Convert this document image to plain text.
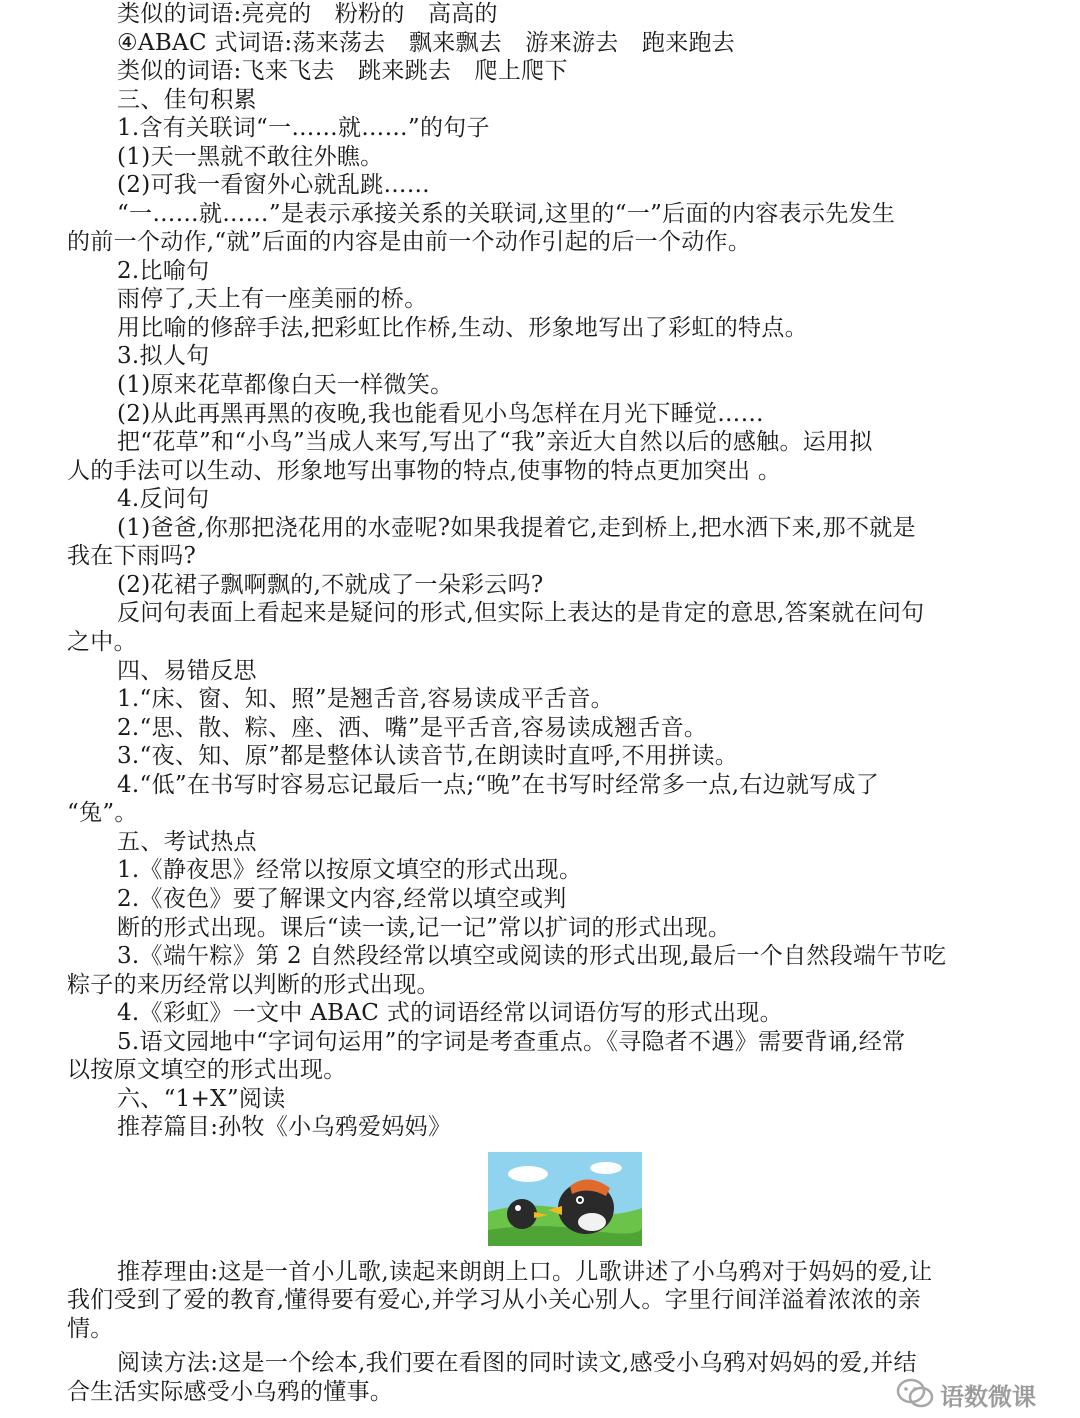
类似的词语:亮亮的　粉粉的　高高的
④ABAC 式词语:荡来荡去　飘来飘去　游来游去　跑来跑去
类似的词语:飞来飞去　跳来跳去　爬上爬下
三、佳句积累
1.含有关联词“一……就……”的句子
(1)天一黑就不敢往外瞧。
(2)可我一看窗外心就乱跳……
“一……就……”是表示承接关系的关联词,这里的“一”后面的内容表示先发生
的前一个动作,“就”后面的内容是由前一个动作引起的后一个动作。
2.比喻句
雨停了,天上有一座美丽的桥。
用比喻的修辞手法,把彩虹比作桥,生动、形象地写出了彩虹的特点。
3.拟人句
(1)原来花草都像白天一样微笑。
(2)从此再黑再黑的夜晚,我也能看见小鸟怎样在月光下睡觉……
把“花草”和“小鸟”当成人来写,写出了“我”亲近大自然以后的感触。运用拟
人的手法可以生动、形象地写出事物的特点,使事物的特点更加突出 。
4.反问句
(1)爸爸,你那把浇花用的水壶呢?如果我提着它,走到桥上,把水洒下来,那不就是
我在下雨吗?
(2)花裙子飘啊飘的,不就成了一朵彩云吗?
反问句表面上看起来是疑问的形式,但实际上表达的是肯定的意思,答案就在问句
之中。
四、易错反思
1.“床、窗、知、照”是翘舌音,容易读成平舌音。
2.“思、散、粽、座、洒、嘴”是平舌音,容易读成翘舌音。
3.“夜、知、原”都是整体认读音节,在朗读时直呼,不用拼读。
4.“低”在书写时容易忘记最后一点;“晚”在书写时经常多一点,右边就写成了
“兔”。
五、考试热点
1.《静夜思》经常以按原文填空的形式出现。
2.《夜色》要了解课文内容,经常以填空或判
断的形式出现。课后“读一读,记一记”常以扩词的形式出现。
3.《端午粽》第 2 自然段经常以填空或阅读的形式出现,最后一个自然段端午节吃
粽子的来历经常以判断的形式出现。
4.《彩虹》一文中 ABAC 式的词语经常以词语仿写的形式出现。
5.语文园地中“字词句运用”的字词是考查重点。《寻隐者不遇》需要背诵,经常
以按原文填空的形式出现。
六、“1+X”阅读
推荐篇目:孙牧《小乌鸦爱妈妈》
推荐理由:这是一首小儿歌,读起来朗朗上口。儿歌讲述了小乌鸦对于妈妈的爱,让
我们受到了爱的教育,懂得要有爱心,并学习从小关心别人。字里行间洋溢着浓浓的亲
情。
阅读方法:这是一个绘本,我们要在看图的同时读文,感受小乌鸦对妈妈的爱,并结
合生活实际感受小乌鸦的懂事。	语数微课
